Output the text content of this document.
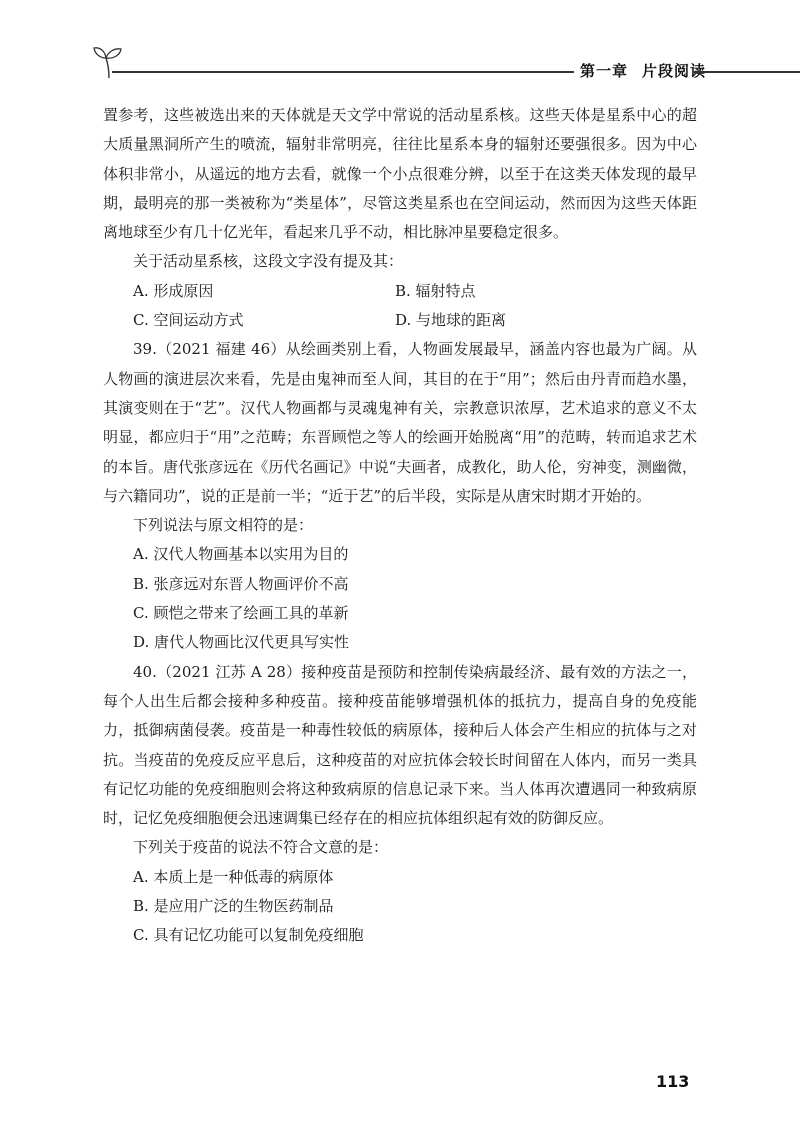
第一章 片段阅读

置参考，这些被选出来的天体就是天文学中常说的活动星系核。这些天体是星系中心的超大质量黑洞所产生的喷流，辐射非常明亮，往往比星系本身的辐射还要强很多。因为中心体积非常小，从遥远的地方去看，就像一个小点很难分辨，以至于在这类天体发现的最早期，最明亮的那一类被称为“类星体”，尽管这类星系也在空间运动，然而因为这些天体距离地球至少有几十亿光年，看起来几乎不动，相比脉冲星要稳定很多。

关于活动星系核，这段文字没有提及其：

A. 形成原因	B. 辐射特点
C. 空间运动方式	D. 与地球的距离

39.（2021 福建 46）从绘画类别上看，人物画发展最早，涵盖内容也最为广阔。从人物画的演进层次来看，先是由鬼神而至人间，其目的在于“用”；然后由丹青而趋水墨，其演变则在于“艺”。汉代人物画都与灵魂鬼神有关，宗教意识浓厚，艺术追求的意义不太明显，都应归于“用”之范畴；东晋顾恺之等人的绘画开始脱离“用”的范畴，转而追求艺术的本旨。唐代张彦远在《历代名画记》中说“夫画者，成教化，助人伦，穷神变，测幽微，与六籍同功”，说的正是前一半；“近于艺”的后半段，实际是从唐宋时期才开始的。

下列说法与原文相符的是：

A. 汉代人物画基本以实用为目的
B. 张彦远对东晋人物画评价不高
C. 顾恺之带来了绘画工具的革新
D. 唐代人物画比汉代更具写实性

40.（2021 江苏 A 28）接种疫苗是预防和控制传染病最经济、最有效的方法之一，每个人出生后都会接种多种疫苗。接种疫苗能够增强机体的抵抗力，提高自身的免疫能力，抵御病菌侵袭。疫苗是一种毒性较低的病原体，接种后人体会产生相应的抗体与之对抗。当疫苗的免疫反应平息后，这种疫苗的对应抗体会较长时间留在人体内，而另一类具有记忆功能的免疫细胞则会将这种致病原的信息记录下来。当人体再次遭遇同一种致病原时，记忆免疫细胞便会迅速调集已经存在的相应抗体组织起有效的防御反应。

下列关于疫苗的说法不符合文意的是：

A. 本质上是一种低毒的病原体
B. 是应用广泛的生物医药制品
C. 具有记忆功能可以复制免疫细胞
113
